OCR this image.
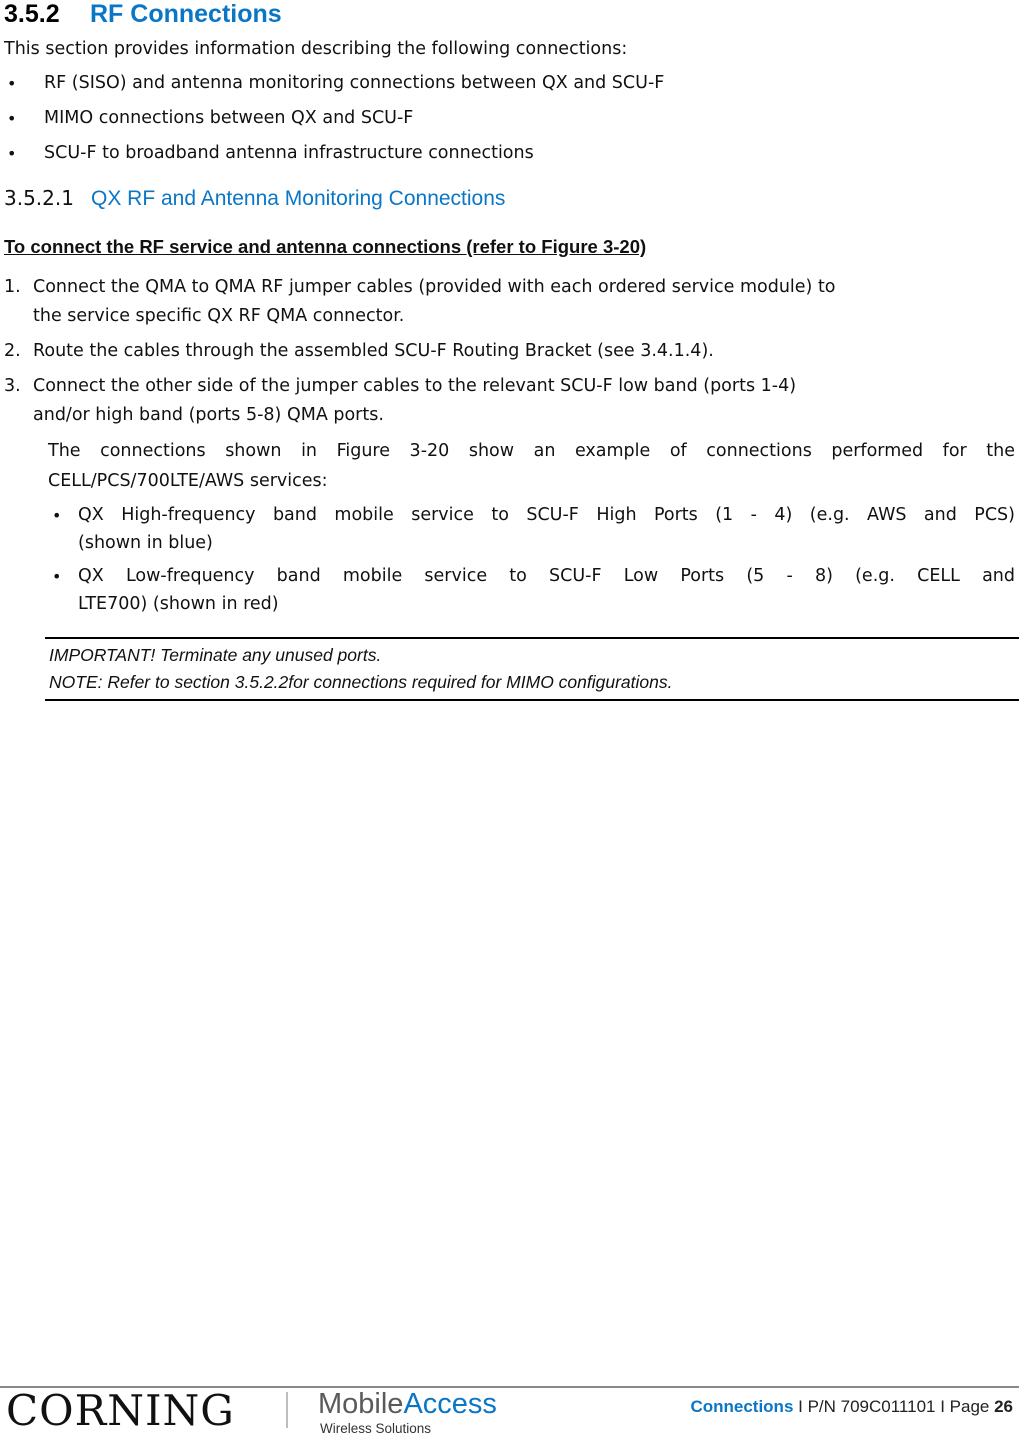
3.5.2 RF Connections
This section provides information describing the following connections:
• RF (SISO) and antenna monitoring connections between QX and SCU-F
• MIMO connections between QX and SCU-F
• SCU-F to broadband antenna infrastructure connections
3.5.2.1 QX RF and Antenna Monitoring Connections
To connect the RF service and antenna connections (refer to Figure 3-20)
1. Connect the QMA to QMA RF jumper cables (provided with each ordered service module) to
the service specific QX RF QMA connector.
2. Route the cables through the assembled SCU-F Routing Bracket (see 3.4.1.4).
3. Connect the other side of the jumper cables to the relevant SCU-F low band (ports 1-4)
and/or high band (ports 5-8) QMA ports.
The connections shown in Figure 3-20 show an example of connections performed for the
CELL/PCS/700LTE/AWS services:
• QX High-frequency band mobile service to SCU-F High Ports (1 - 4) (e.g. AWS and PCS)
(shown in blue)
• QX Low-frequency band mobile service to SCU-F Low Ports (5 - 8) (e.g. CELL and
LTE700) (shown in red)
IMPORTANT! Terminate any unused ports.
NOTE: Refer to section 3.5.2.2for connections required for MIMO configurations.
CORNING	MobileAccess
Wireless Solutions
Connections I P/N 709C011101 I Page 26
